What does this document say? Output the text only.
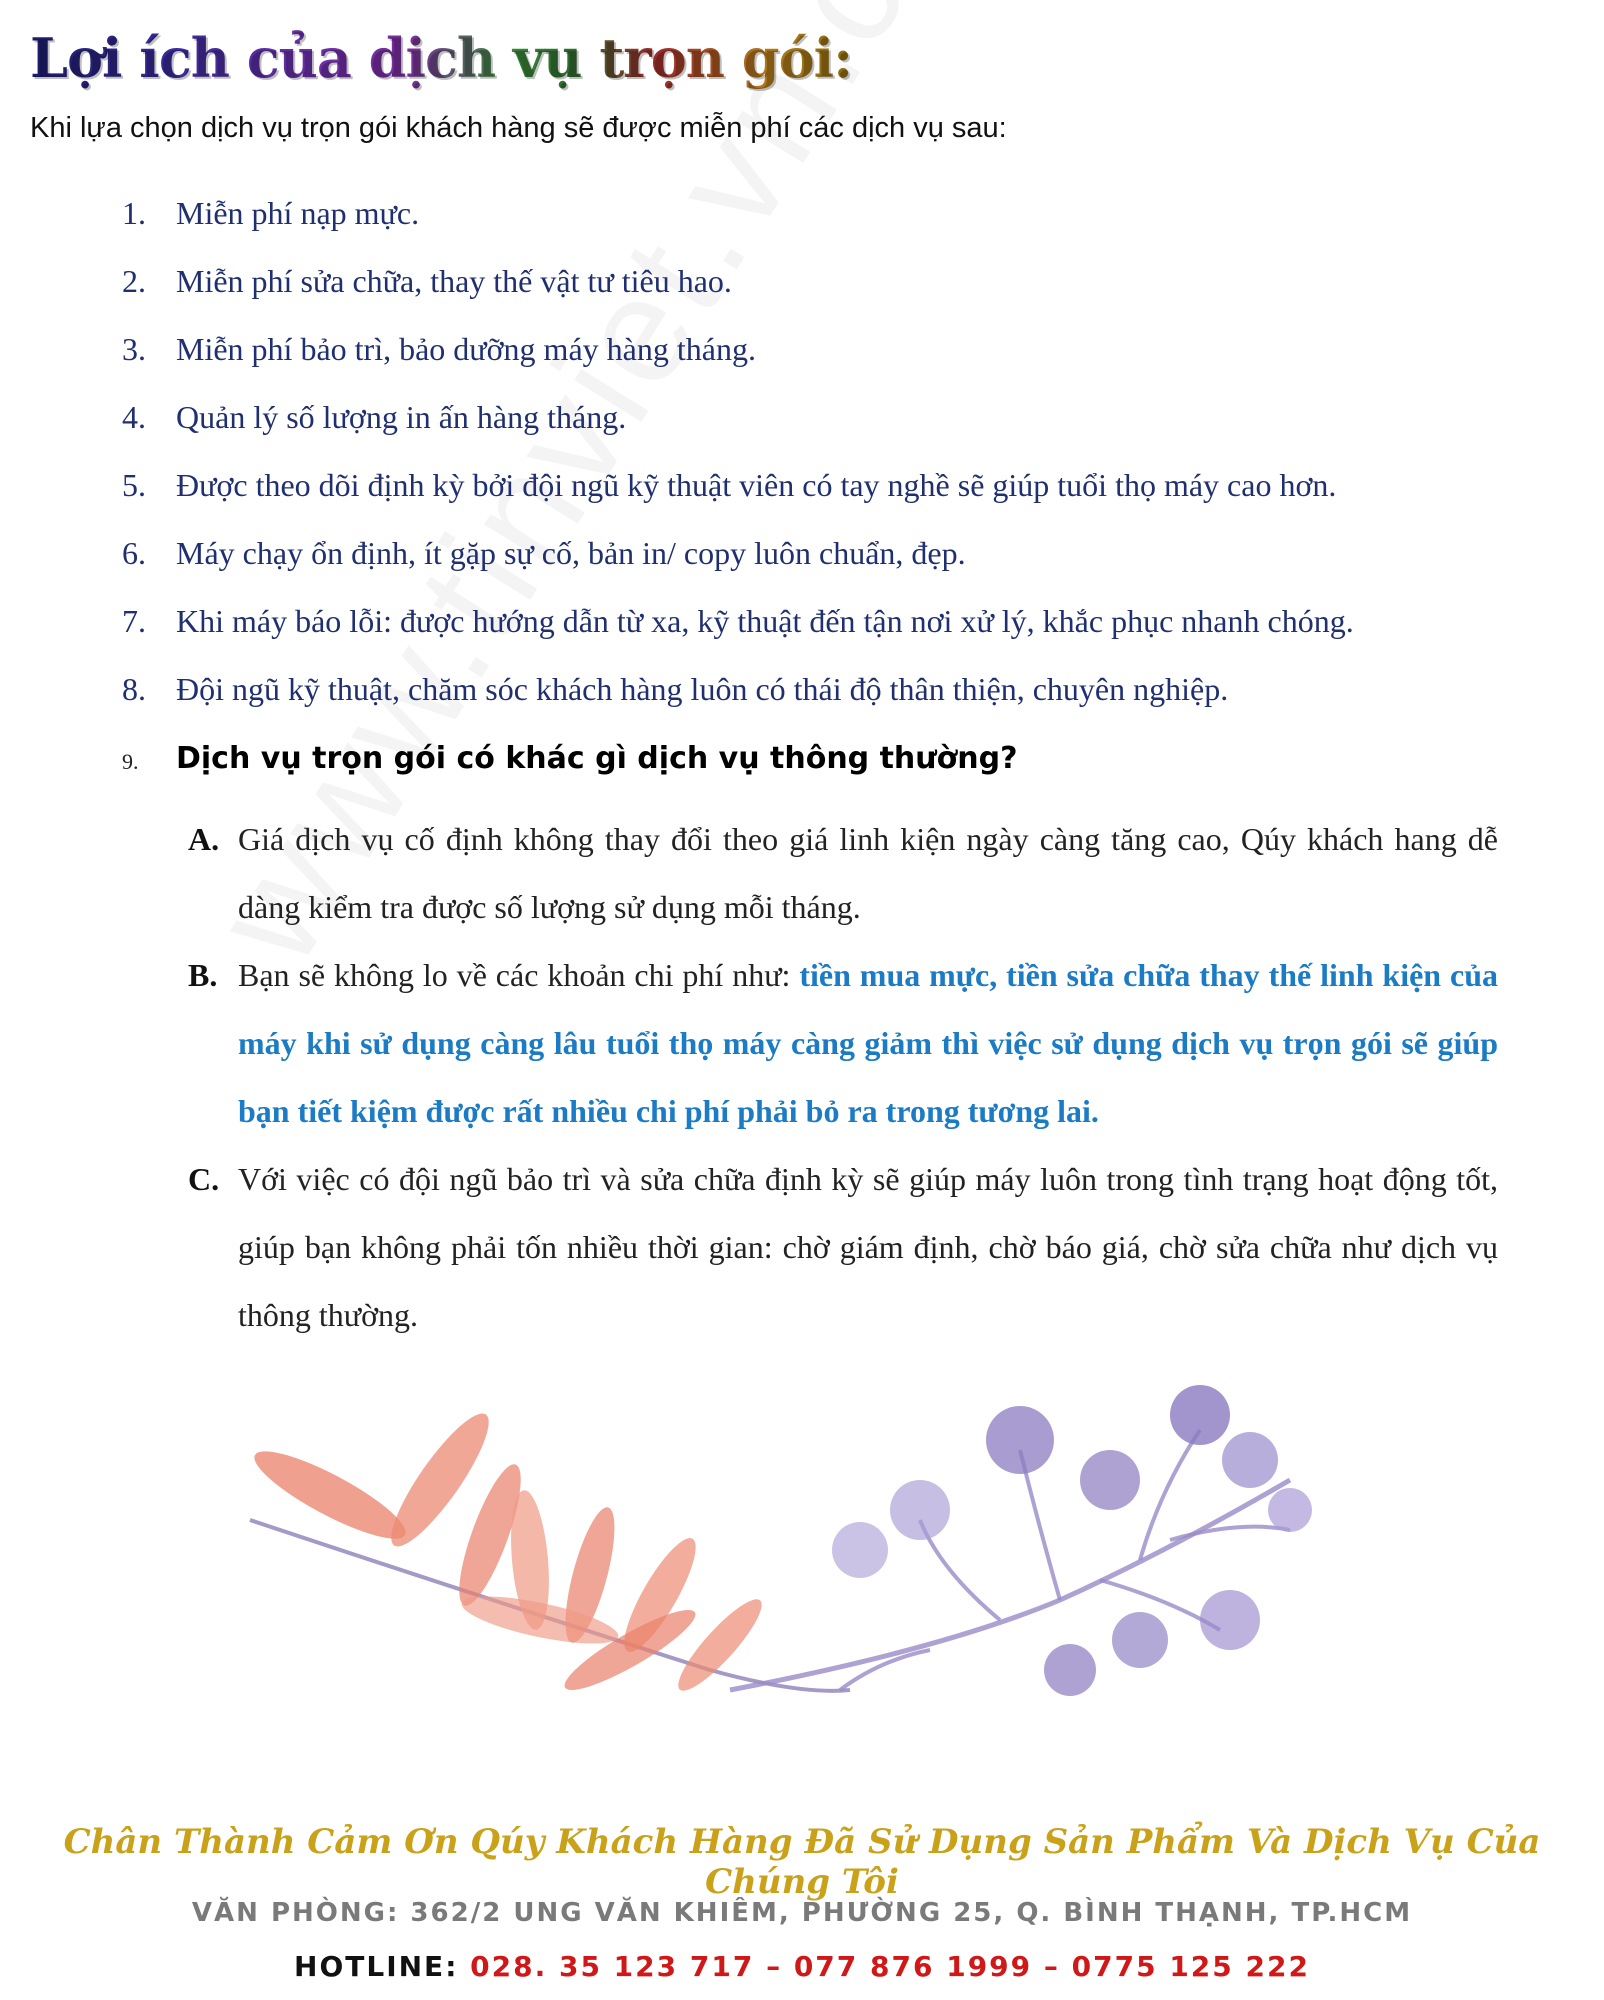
Lợi ích của dịch vụ trọn gói:
Khi lựa chọn dịch vụ trọn gói khách hàng sẽ được miễn phí các dịch vụ sau:
1. Miễn phí nạp mực.
2. Miễn phí sửa chữa, thay thế vật tư tiêu hao.
3. Miễn phí bảo trì, bảo dưỡng máy hàng tháng.
4. Quản lý số lượng in ấn hàng tháng.
5. Được theo dõi định kỳ bởi đội ngũ kỹ thuật viên có tay nghề sẽ giúp tuổi thọ máy cao hơn.
6. Máy chạy ổn định, ít gặp sự cố, bản in/ copy luôn chuẩn, đẹp.
7. Khi máy báo lỗi: được hướng dẫn từ xa, kỹ thuật đến tận nơi xử lý, khắc phục nhanh chóng.
8. Đội ngũ kỹ thuật, chăm sóc khách hàng luôn có thái độ thân thiện, chuyên nghiệp.
9.	Dịch vụ trọn gói có khác gì dịch vụ thông thường?
A. Giá dịch vụ cố định không thay đổi theo giá linh kiện ngày càng tăng cao, Qúy khách hang dễ dàng kiểm tra được số lượng sử dụng mỗi tháng.
B. Bạn sẽ không lo về các khoản chi phí như: tiền mua mực, tiền sửa chữa thay thế linh kiện của máy khi sử dụng càng lâu tuổi thọ máy càng giảm thì việc sử dụng dịch vụ trọn gói sẽ giúp bạn tiết kiệm được rất nhiều chi phí phải bỏ ra trong tương lai.
C. Với việc có đội ngũ bảo trì và sửa chữa định kỳ sẽ giúp máy luôn trong tình trạng hoạt động tốt, giúp bạn không phải tốn nhiều thời gian: chờ giám định, chờ báo giá, chờ sửa chữa như dịch vụ thông thường.
Chân Thành Cảm Ơn Qúy Khách Hàng Đã Sử Dụng Sản Phẩm Và Dịch Vụ Của Chúng Tôi
VĂN PHÒNG: 362/2 UNG VĂN KHIÊM, PHƯỜNG 25, Q. BÌNH THẠNH, TP.HCM
HOTLINE: 028. 35 123 717 – 077 876 1999 – 0775 125 222
